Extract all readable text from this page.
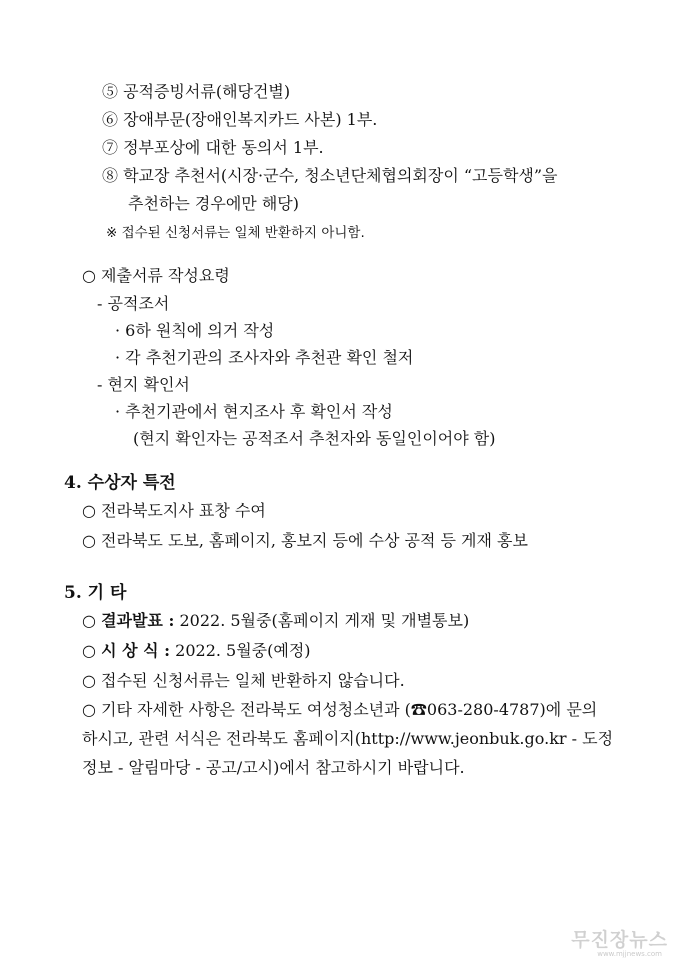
⑤ 공적증빙서류(해당건별)
⑥ 장애부문(장애인복지카드 사본) 1부.
⑦ 정부포상에 대한 동의서 1부.
⑧ 학교장 추천서(시장·군수, 청소년단체협의회장이 “고등학생”을
추천하는 경우에만 해당)
※ 접수된 신청서류는 일체 반환하지 아니함.
○ 제출서류 작성요령
- 공적조서
· 6하 원칙에 의거 작성
· 각 추천기관의 조사자와 추천관 확인 철저
- 현지 확인서
· 추천기관에서 현지조사 후 확인서 작성
(현지 확인자는 공적조서 추천자와 동일인이어야 함)
4. 수상자 특전
○ 전라북도지사 표창 수여
○ 전라북도 도보, 홈페이지, 홍보지 등에 수상 공적 등 게재 홍보
5. 기 타
○ 결과발표 : 2022. 5월중(홈페이지 게재 및 개별통보)
○ 시 상 식 : 2022. 5월중(예정)
○ 접수된 신청서류는 일체 반환하지 않습니다.
○ 기타 자세한 사항은 전라북도 여성청소년과 (☎063-280-4787)에 문의
하시고, 관련 서식은 전라북도 홈페이지(http://www.jeonbuk.go.kr - 도정
정보 - 알림마당 - 공고/고시)에서 참고하시기 바랍니다.
무진장뉴스
www.mjjnews.com
